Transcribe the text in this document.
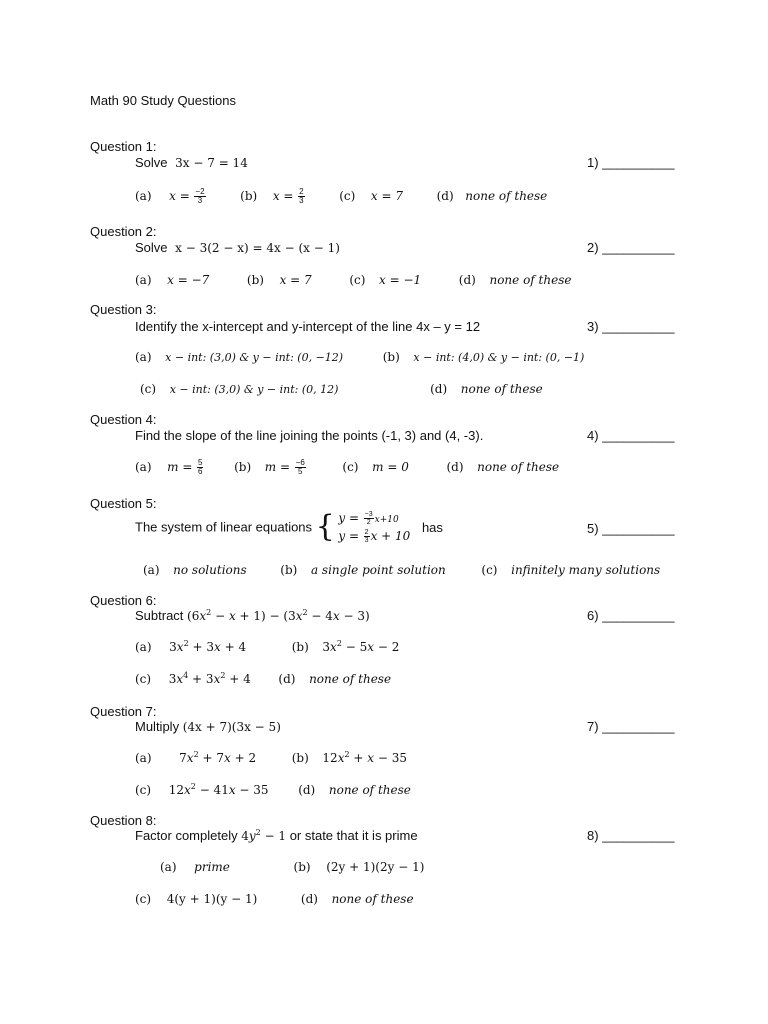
Math 90 Study Questions
Question 1:
Solve 3x − 7 = 14	1) __________
(a) $x = \frac{-2}{3}$	(b) $x = \frac{2}{3}$	(c) x = 7	(d) none of these
Question 2:
Solve x − 3(2 − x) = 4x − (x − 1)	2) __________
(a) x = −7	(b) x = 7	(c) x = −1	(d) none of these
Question 3:
Identify the x-intercept and y-intercept of the line 4x – y = 12	3) __________
(a) x − int: (3,0) & y − int: (0, −12)	(b) x − int: (4,0) & y − int: (0, −1)
(c) x − int: (3,0) & y − int: (0, 12)	(d) none of these
Question 4:
Find the slope of the line joining the points (-1, 3) and (4, -3).	4) __________
(a) $m = \frac{5}{6}$	(b) $m = \frac{-6}{5}$	(c) m = 0	(d) none of these
Question 5:
The system of linear equations { $y = \frac{-3}{2} x+10$
$y = \frac{2}{3}$ x + 10
has	5) __________
(a) no solutions	(b) a single point solution	(c) infinitely many solutions
Question 6:
Subtract $(6x^2 - x + 1) - (3x^2 - 4x - 3)$	6) __________
(a) $3x^2 + 3x + 4$	(b) $3x^2 - 5x - 2$
(c) $3x^4 + 3x^2 + 4$ (d) none of these
Question 7:
Multiply (4x + 7)(3x − 5)	7) __________
(a) $7x^2 + 7x + 2$	(b) $12x^2 + x - 35$
(c) $12x^2 - 41x - 35$ (d) none of these
Question 8:
Factor completely $4y^2 - 1$ or state that it is prime	8) __________
(a) prime	(b) (2y + 1)(2y − 1)
(c) 4(y + 1)(y − 1)	(d) none of these
